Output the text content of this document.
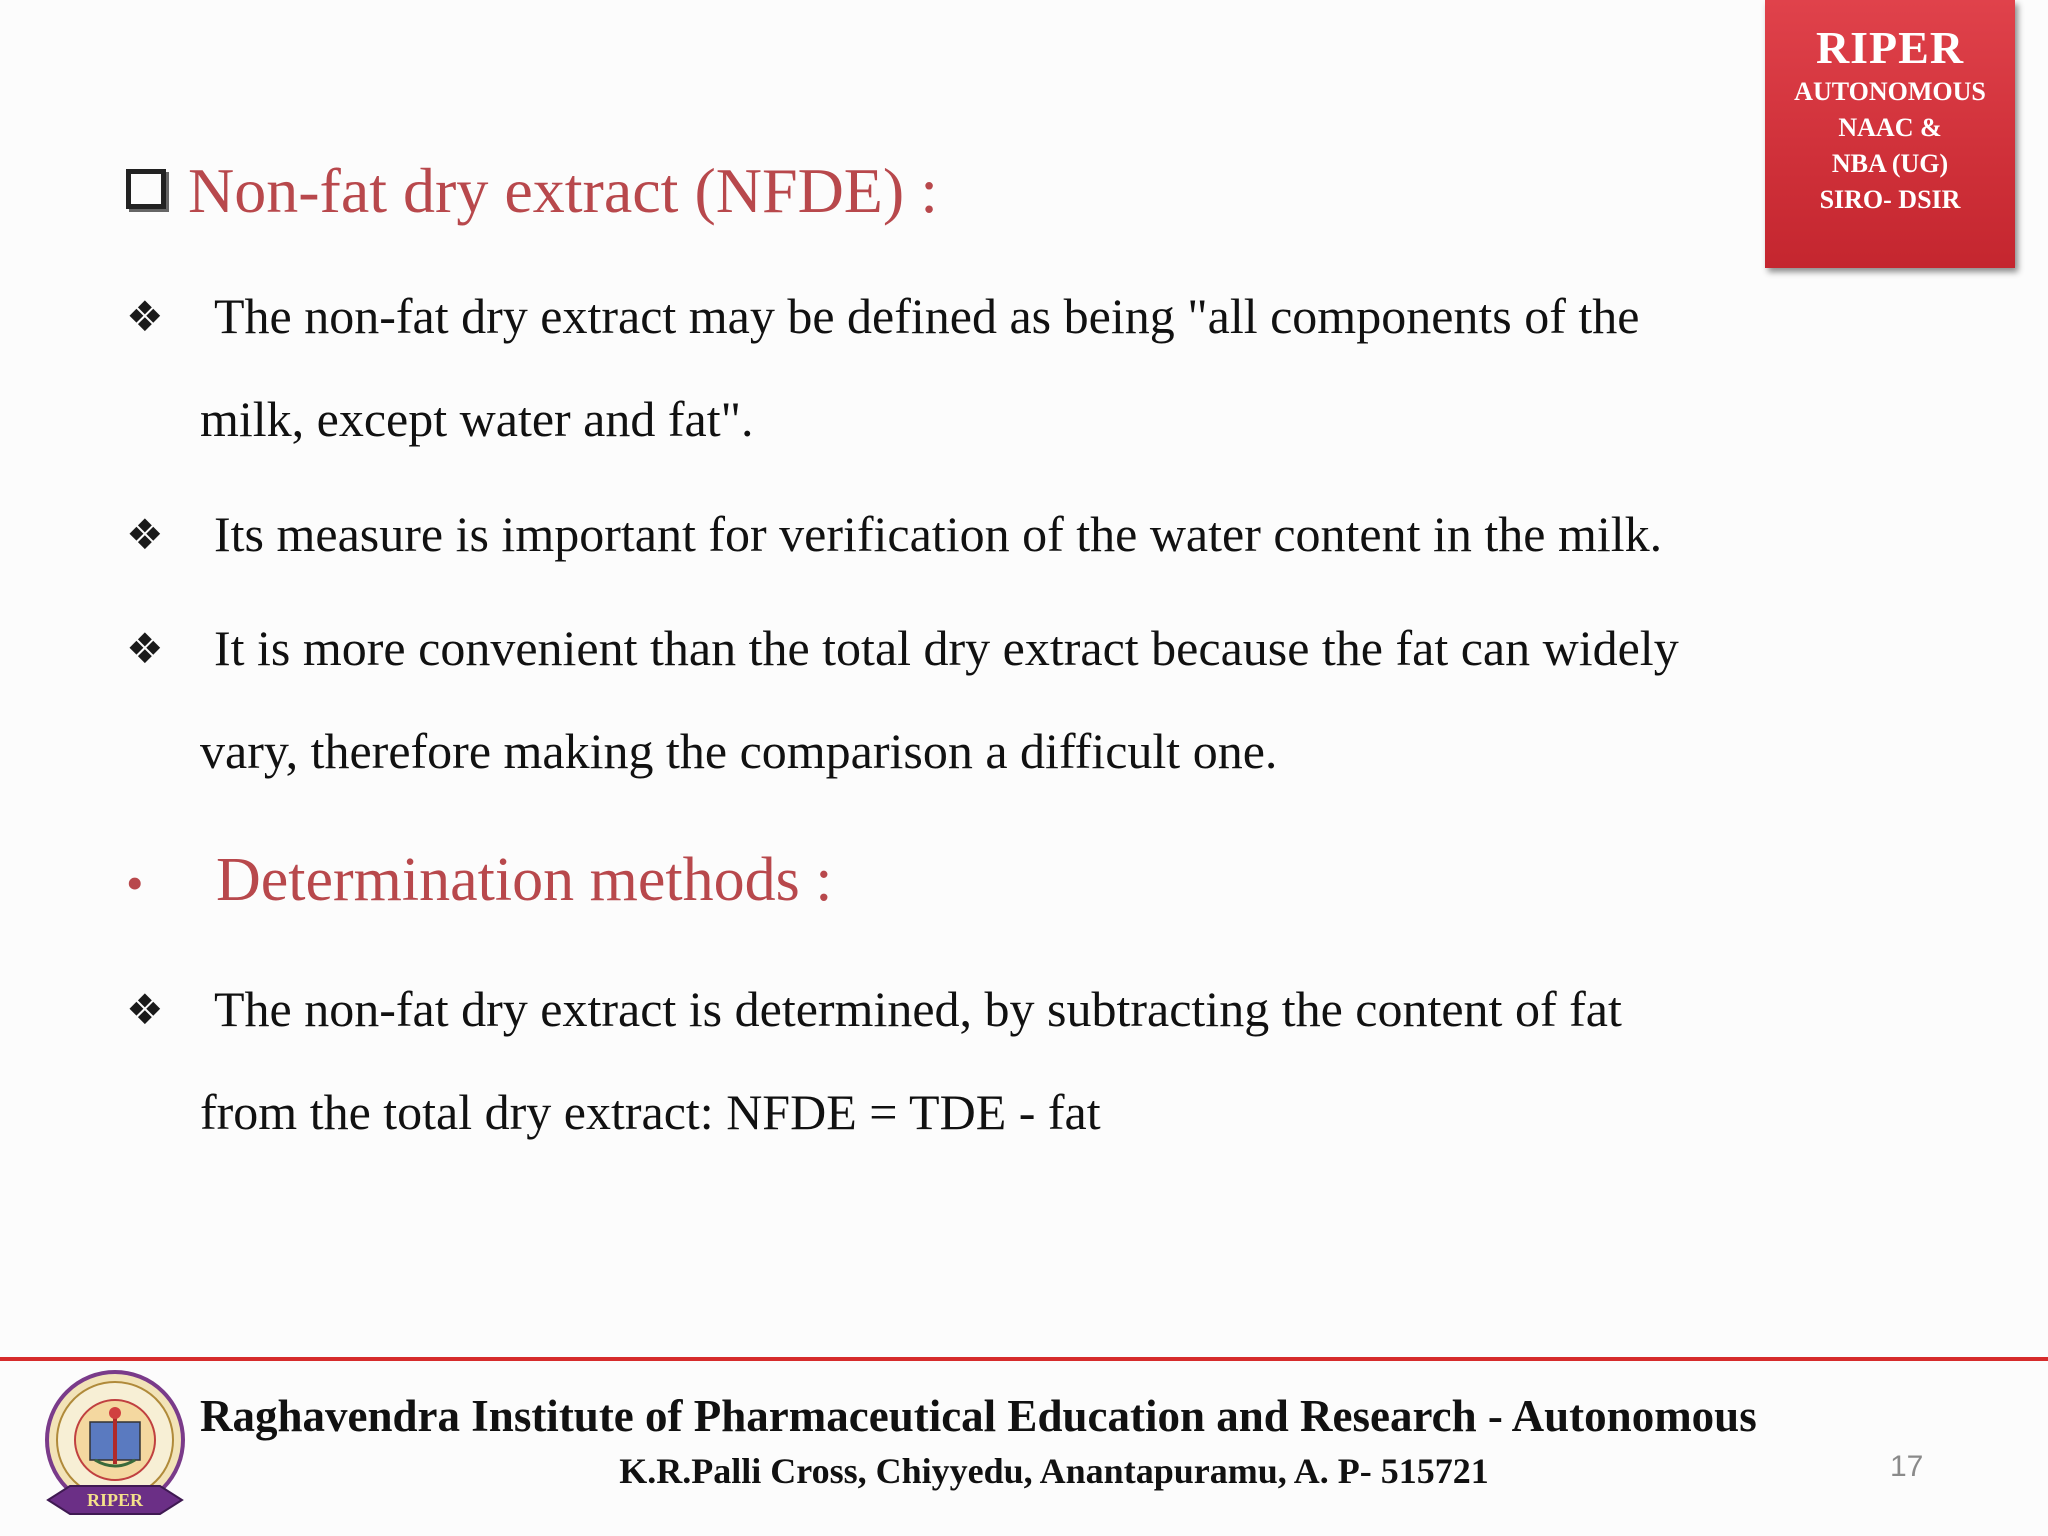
RIPER
AUTONOMOUS
NAAC &
NBA (UG)
SIRO- DSIR
Non-fat dry extract (NFDE) :
❖	The non-fat dry extract may be defined as being "all components of the
milk, except water and fat".
❖	Its measure is important for verification of the water content in the milk.
❖	It is more convenient than the total dry extract because the fat can widely
vary, therefore making the comparison a difficult one.
• Determination methods :
❖	The non-fat dry extract is determined, by subtracting the content of fat
from the total dry extract: NFDE = TDE - fat
RIPER
Raghavendra Institute of Pharmaceutical Education and Research - Autonomous
K.R.Palli Cross, Chiyyedu, Anantapuramu, A. P- 515721	17
